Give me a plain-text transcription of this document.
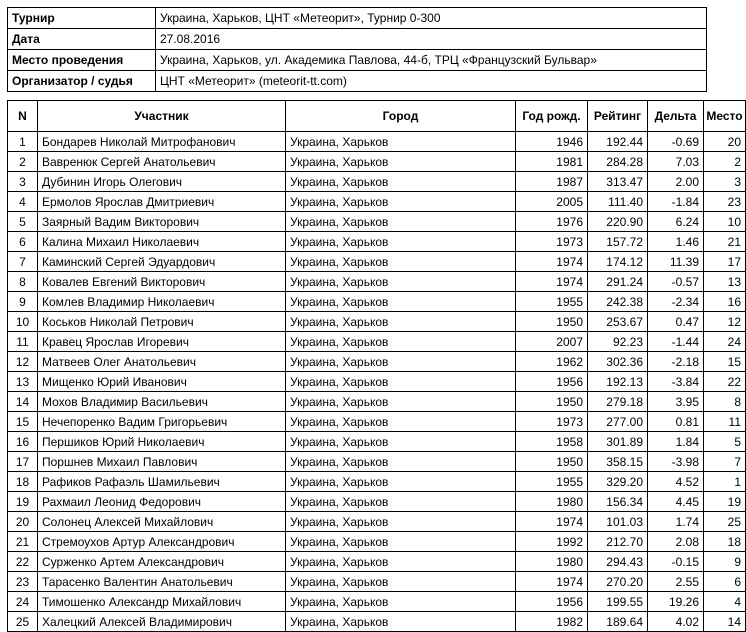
Турнир	Украина, Харьков, ЦНТ «Метеорит», Турнир 0-300
Дата	27.08.2016
Место проведения	Украина, Харьков, ул. Академика Павлова, 44-б, ТРЦ «Французский Бульвар»
Организатор / судья	ЦНТ «Метеорит» (meteorit-tt.com)
N	Участник	Город	Год рожд.	Рейтинг	Дельта	Место
1	Бондарев Николай Митрофанович	Украина, Харьков	1946	192.44	-0.69	20
2	Вавренюк Сергей Анатольевич	Украина, Харьков	1981	284.28	7.03	2
3	Дубинин Игорь Олегович	Украина, Харьков	1987	313.47	2.00	3
4	Ермолов Ярослав Дмитриевич	Украина, Харьков	2005	111.40	-1.84	23
5	Заярный Вадим Викторович	Украина, Харьков	1976	220.90	6.24	10
6	Калина Михаил Николаевич	Украина, Харьков	1973	157.72	1.46	21
7	Каминский Сергей Эдуардович	Украина, Харьков	1974	174.12	11.39	17
8	Ковалев Евгений Викторович	Украина, Харьков	1974	291.24	-0.57	13
9	Комлев Владимир Николаевич	Украина, Харьков	1955	242.38	-2.34	16
10	Коськов Николай Петрович	Украина, Харьков	1950	253.67	0.47	12
11	Кравец Ярослав Игоревич	Украина, Харьков	2007	92.23	-1.44	24
12	Матвеев Олег Анатольевич	Украина, Харьков	1962	302.36	-2.18	15
13	Мищенко Юрий Иванович	Украина, Харьков	1956	192.13	-3.84	22
14	Мохов Владимир Васильевич	Украина, Харьков	1950	279.18	3.95	8
15	Нечепоренко Вадим Григорьевич	Украина, Харьков	1973	277.00	0.81	11
16	Першиков Юрий Николаевич	Украина, Харьков	1958	301.89	1.84	5
17	Поршнев Михаил Павлович	Украина, Харьков	1950	358.15	-3.98	7
18	Рафиков Рафаэль Шамильевич	Украина, Харьков	1955	329.20	4.52	1
19	Рахмаил Леонид Федорович	Украина, Харьков	1980	156.34	4.45	19
20	Солонец Алексей Михайлович	Украина, Харьков	1974	101.03	1.74	25
21	Стремоухов Артур Александрович	Украина, Харьков	1992	212.70	2.08	18
22	Сурженко Артем Александрович	Украина, Харьков	1980	294.43	-0.15	9
23	Тарасенко Валентин Анатольевич	Украина, Харьков	1974	270.20	2.55	6
24	Тимошенко Александр Михайлович	Украина, Харьков	1956	199.55	19.26	4
25	Халецкий Алексей Владимирович	Украина, Харьков	1982	189.64	4.02	14
